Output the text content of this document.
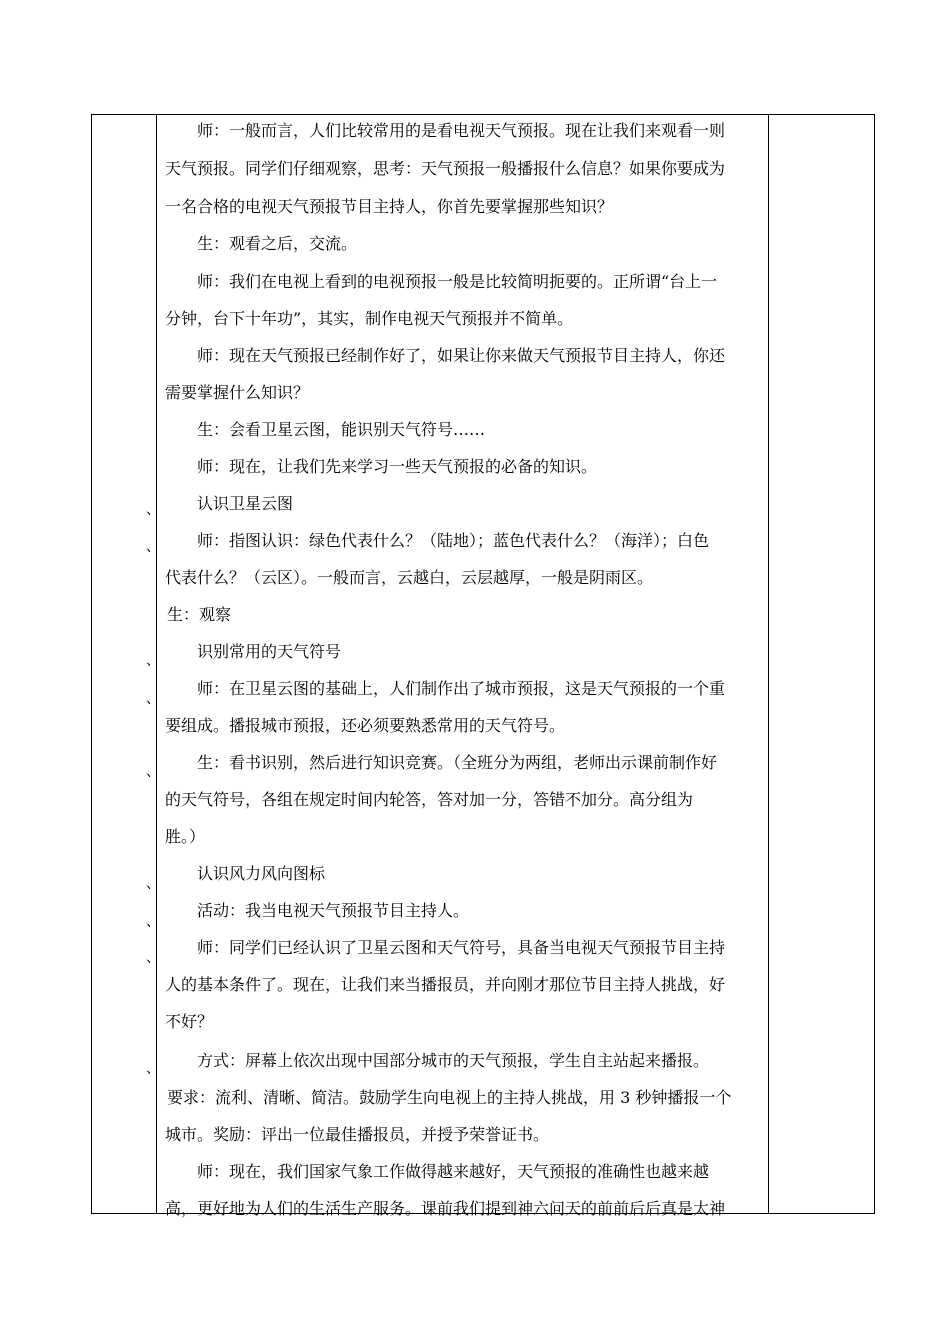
、
、
、
、
、
、
、
、
、
　　师：一般而言，人们比较常用的是看电视天气预报。现在让我们来观看一则
天气预报。同学们仔细观察，思考：天气预报一般播报什么信息？如果你要成为
一名合格的电视天气预报节目主持人，你首先要掌握那些知识？
　　生：观看之后，交流。
　　师：我们在电视上看到的电视预报一般是比较简明扼要的。正所谓“台上一
分钟，台下十年功”，其实，制作电视天气预报并不简单。
　　师：现在天气预报已经制作好了，如果让你来做天气预报节目主持人，你还
需要掌握什么知识？
　　生：会看卫星云图，能识别天气符号……
　　师：现在，让我们先来学习一些天气预报的必备的知识。
　　认识卫星云图
　　师：指图认识：绿色代表什么？（陆地）；蓝色代表什么？（海洋）；白色
代表什么？（云区）。一般而言，云越白，云层越厚，一般是阴雨区。
生：观察
　　识别常用的天气符号
　　师：在卫星云图的基础上，人们制作出了城市预报，这是天气预报的一个重
要组成。播报城市预报，还必须要熟悉常用的天气符号。
　　生：看书识别，然后进行知识竞赛。（全班分为两组，老师出示课前制作好
的天气符号，各组在规定时间内轮答，答对加一分，答错不加分。高分组为
胜。）
　　认识风力风向图标
　　活动：我当电视天气预报节目主持人。
　　师：同学们已经认识了卫星云图和天气符号，具备当电视天气预报节目主持
人的基本条件了。现在，让我们来当播报员，并向刚才那位节目主持人挑战，好
不好？
　　方式：屏幕上依次出现中国部分城市的天气预报，学生自主站起来播报。
要求：流利、清晰、简洁。鼓励学生向电视上的主持人挑战，用 3 秒钟播报一个
城市。奖励：评出一位最佳播报员，并授予荣誉证书。
　　师：现在，我们国家气象工作做得越来越好，天气预报的准确性也越来越
高，更好地为人们的生活生产服务。课前我们提到神六问天的前前后后真是太神
